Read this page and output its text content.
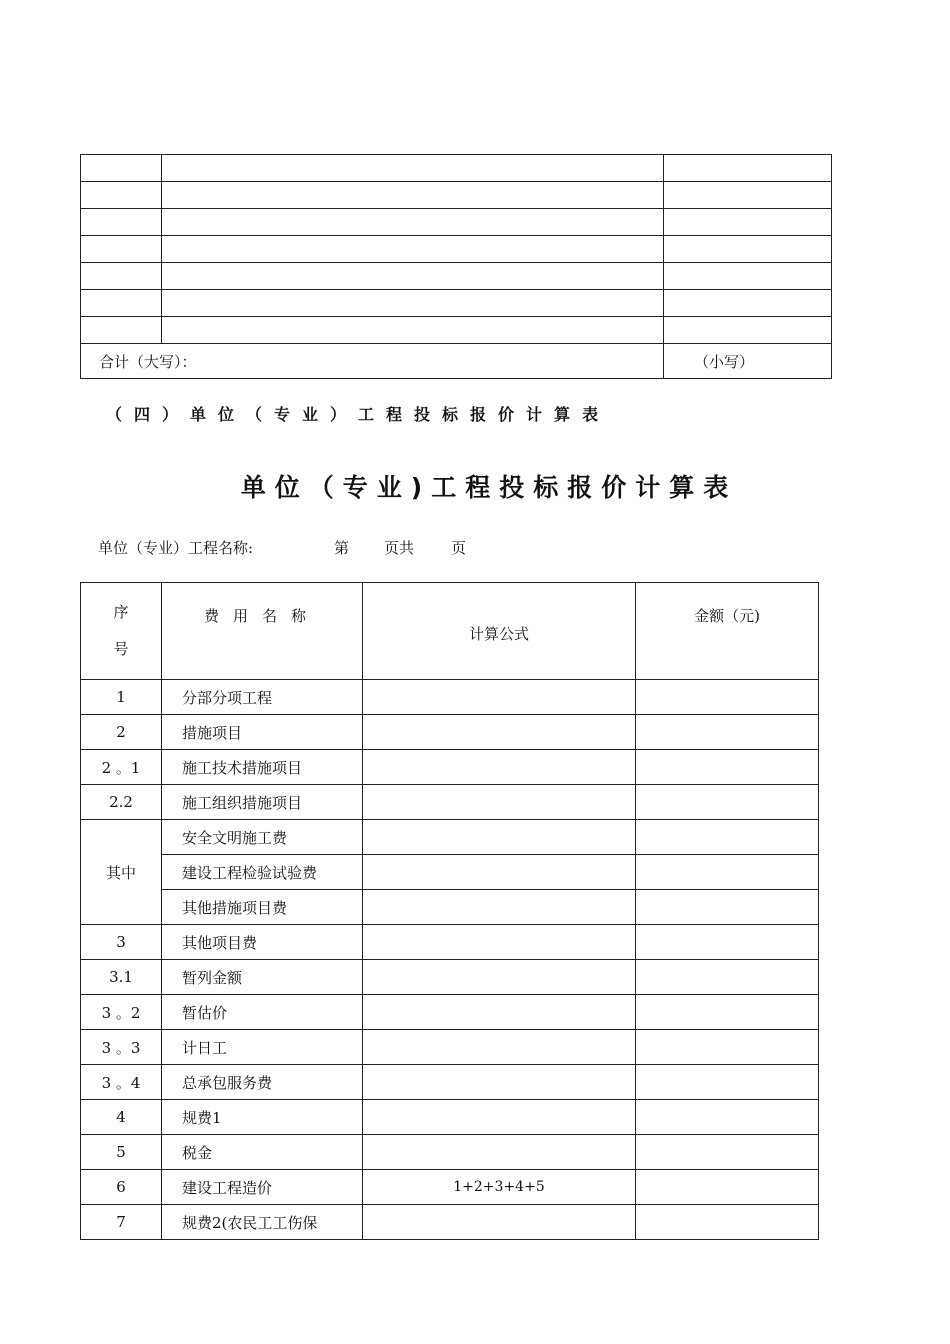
合计（大写）：		（小写）
（四）单位（专业）工程投标报价计算表
单位（专业)工程投标报价计算表
单位（专业）工程名称:	第 页共 页
序
号	费用名称	计算公式	金额（元)
1	分部分项工程		
2	措施项目		
2 。1	施工技术措施项目		
2.2	施工组织措施项目		
其中	安全文明施工费		
	建设工程检验试验费		
	其他措施项目费		
3	其他项目费		
3.1	暂列金额		
3 。2	暂估价		
3 。3	计日工		
3 。4	总承包服务费		
4	规费1		
5	税金		
6	建设工程造价	1+2+3+4+5	
7	规费2(农民工工伤保		
